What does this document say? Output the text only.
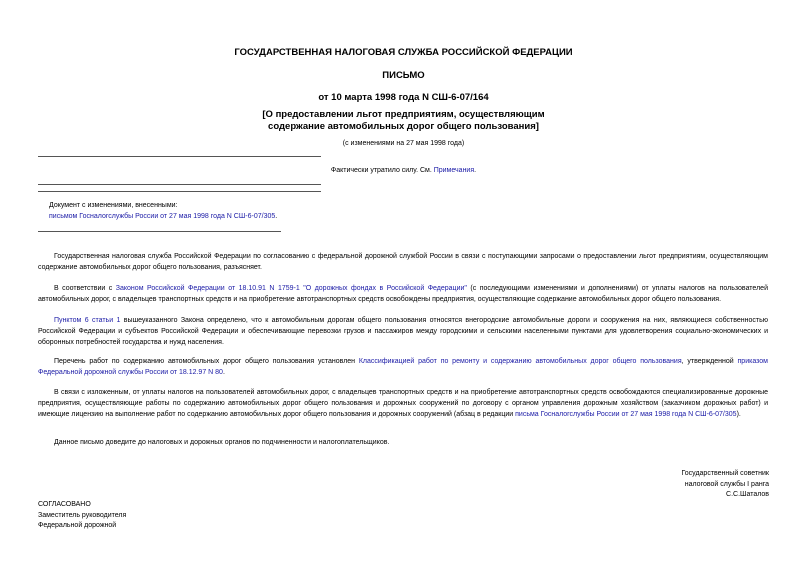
ГОСУДАРСТВЕННАЯ НАЛОГОВАЯ СЛУЖБА РОССИЙСКОЙ ФЕДЕРАЦИИ
ПИСЬМО
от 10 марта 1998 года N СШ-6-07/164
[О предоставлении льгот предприятиям, осуществляющим
содержание автомобильных дорог общего пользования]
(с изменениями на 27 мая 1998 года)
Фактически утратило силу. См. Примечания.
Документ с изменениями, внесенными:
письмом Госналогслужбы России от 27 мая 1998 года N СШ-6-07/305.
Государственная налоговая служба Российской Федерации по согласованию с федеральной дорожной службой России в связи с поступающими запросами о предоставлении льгот предприятиям, осуществляющим содержание автомобильных дорог общего пользования, разъясняет.
В соответствии с Законом Российской Федерации от 18.10.91 N 1759-1 "О дорожных фондах в Российской Федерации" (с последующими изменениями и дополнениями) от уплаты налогов на пользователей автомобильных дорог, с владельцев транспортных средств и на приобретение автотранспортных средств освобождены предприятия, осуществляющие содержание автомобильных дорог общего пользования.
Пунктом 6 статьи 1 вышеуказанного Закона определено, что к автомобильным дорогам общего пользования относятся внегородские автомобильные дороги и сооружения на них, являющиеся собственностью Российской Федерации и субъектов Российской Федерации и обеспечивающие перевозки грузов и пассажиров между городскими и сельскими населенными пунктами для удовлетворения социально-экономических и оборонных потребностей государства и нужд населения.
Перечень работ по содержанию автомобильных дорог общего пользования установлен Классификацией работ по ремонту и содержанию автомобильных дорог общего пользования, утвержденной приказом Федеральной дорожной службы России от 18.12.97 N 80.
В связи с изложенным, от уплаты налогов на пользователей автомобильных дорог, с владельцев транспортных средств и на приобретение автотранспортных средств освобождаются специализированные дорожные предприятия, осуществляющие работы по содержанию автомобильных дорог общего пользования и дорожных сооружений по договору с органом управления дорожным хозяйством (заказчиком дорожных работ) и имеющие лицензию на выполнение работ по содержанию автомобильных дорог общего пользования и дорожных сооружений (абзац в редакции письма Госналогслужбы России от 27 мая 1998 года N СШ-6-07/305).
Данное письмо доведите до налоговых и дорожных органов по подчиненности и налогоплательщиков.
Государственный советник
налоговой службы I ранга
С.С.Шаталов
СОГЛАСОВАНО
Заместитель руководителя
Федеральной дорожной
